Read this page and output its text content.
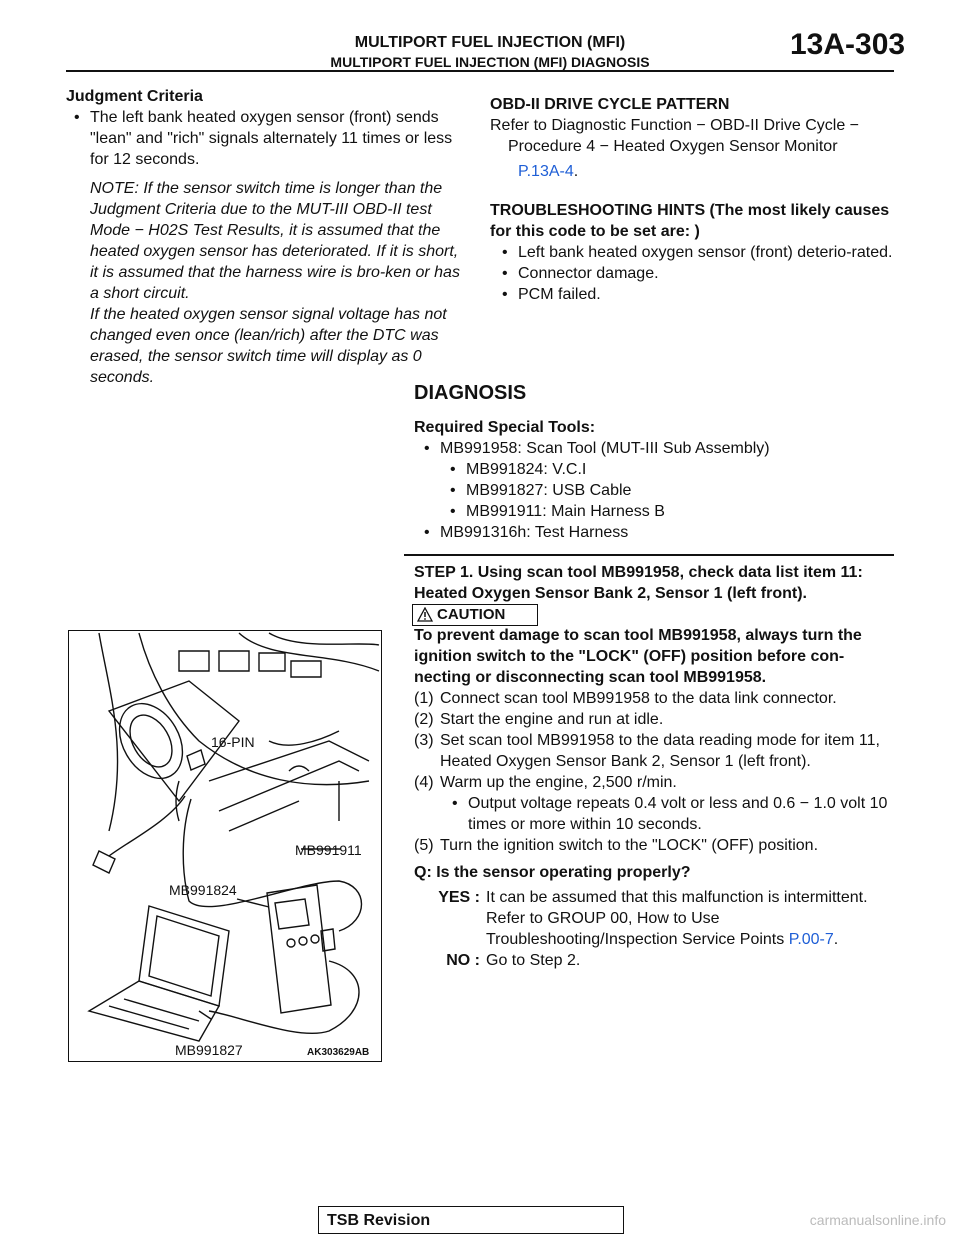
MULTIPORT FUEL INJECTION (MFI)
MULTIPORT FUEL INJECTION (MFI) DIAGNOSIS
13A-303
Judgment Criteria
• The left bank heated oxygen sensor (front) sends "lean" and "rich" signals alternately 11 times or less for 12 seconds.
NOTE: If the sensor switch time is longer than the Judgment Criteria due to the MUT-III OBD-II test Mode − H02S Test Results, it is assumed that the heated oxygen sensor has deteriorated. If it is short, it is assumed that the harness wire is bro-ken or has a short circuit.
If the heated oxygen sensor signal voltage has not changed even once (lean/rich) after the DTC was erased, the sensor switch time will display as 0 seconds.
OBD-II DRIVE CYCLE PATTERN
Refer to Diagnostic Function − OBD-II Drive Cycle − Procedure 4 − Heated Oxygen Sensor Monitor
P.13A-4.
TROUBLESHOOTING HINTS (The most likely causes for this code to be set are: )
• Left bank heated oxygen sensor (front) deterio-rated.
• Connector damage.
• PCM failed.
DIAGNOSIS
Required Special Tools:
• MB991958: Scan Tool (MUT-III Sub Assembly)
• MB991824: V.C.I
• MB991827: USB Cable
• MB991911: Main Harness B
• MB991316h: Test Harness
STEP 1. Using scan tool MB991958, check data list item 11: Heated Oxygen Sensor Bank 2, Sensor 1 (left front).
CAUTION
To prevent damage to scan tool MB991958, always turn the ignition switch to the "LOCK" (OFF) position before con-necting or disconnecting scan tool MB991958.
(1) Connect scan tool MB991958 to the data link connector.
(2) Start the engine and run at idle.
(3) Set scan tool MB991958 to the data reading mode for item 11, Heated Oxygen Sensor Bank 2, Sensor 1 (left front).
(4) Warm up the engine, 2,500 r/min.
• Output voltage repeats 0.4 volt or less and 0.6 − 1.0 volt 10 times or more within 10 seconds.
(5) Turn the ignition switch to the "LOCK" (OFF) position.
Q: Is the sensor operating properly?
YES : It can be assumed that this malfunction is intermittent. Refer to GROUP 00, How to Use Troubleshooting/Inspection Service Points P.00-7.
NO : Go to Step 2.
16-PIN
MB991911
MB991824
MB991827	AK303629AB
TSB Revision	carmanualsonline.info
